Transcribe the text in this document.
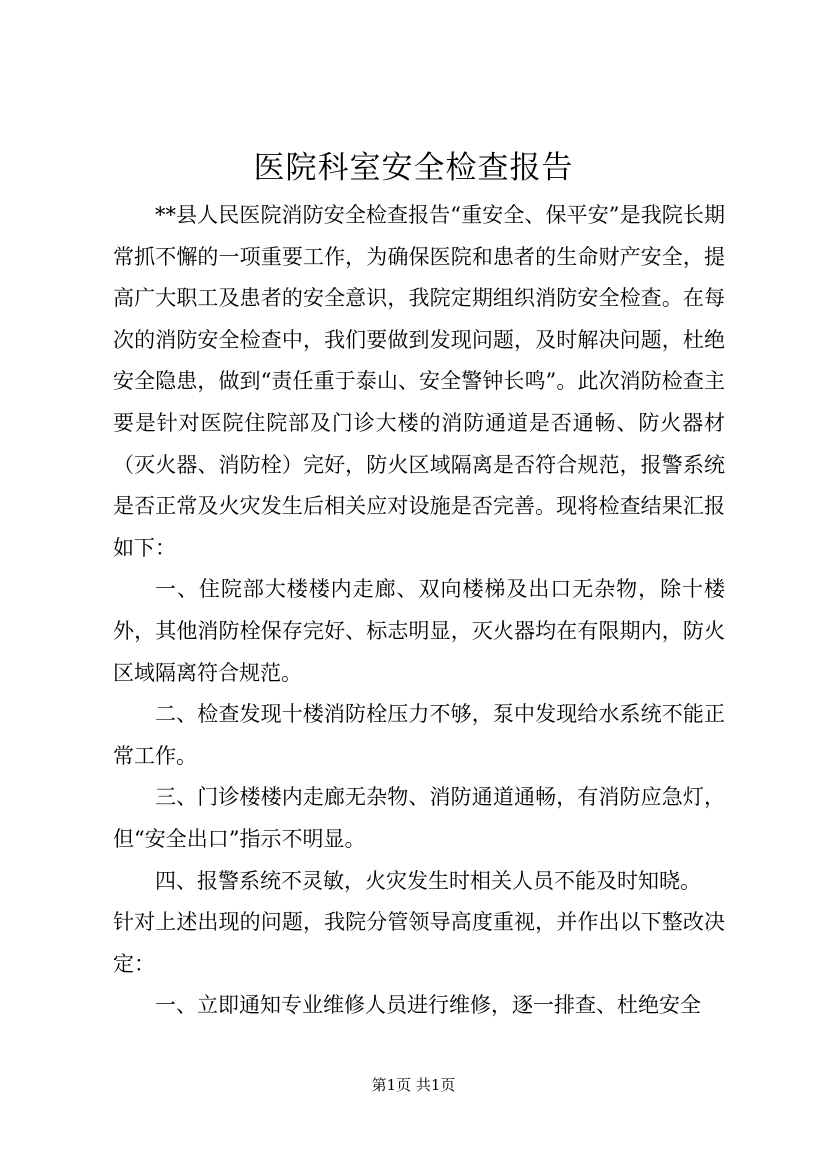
医院科室安全检查报告

**县人民医院消防安全检查报告“重安全、保平安”是我院长期常抓不懈的一项重要工作，为确保医院和患者的生命财产安全，提高广大职工及患者的安全意识，我院定期组织消防安全检查。在每次的消防安全检查中，我们要做到发现问题，及时解决问题，杜绝安全隐患，做到“责任重于泰山、安全警钟长鸣”。此次消防检查主要是针对医院住院部及门诊大楼的消防通道是否通畅、防火器材（灭火器、消防栓）完好，防火区域隔离是否符合规范，报警系统是否正常及火灾发生后相关应对设施是否完善。现将检查结果汇报如下：

一、住院部大楼楼内走廊、双向楼梯及出口无杂物，除十楼外，其他消防栓保存完好、标志明显，灭火器均在有限期内，防火区域隔离符合规范。

二、检查发现十楼消防栓压力不够，泵中发现给水系统不能正常工作。

三、门诊楼楼内走廊无杂物、消防通道通畅，有消防应急灯，但“安全出口”指示不明显。

四、报警系统不灵敏，火灾发生时相关人员不能及时知晓。

针对上述出现的问题，我院分管领导高度重视，并作出以下整改决定：

一、立即通知专业维修人员进行维修，逐一排查、杜绝安全

第1页 共1页
